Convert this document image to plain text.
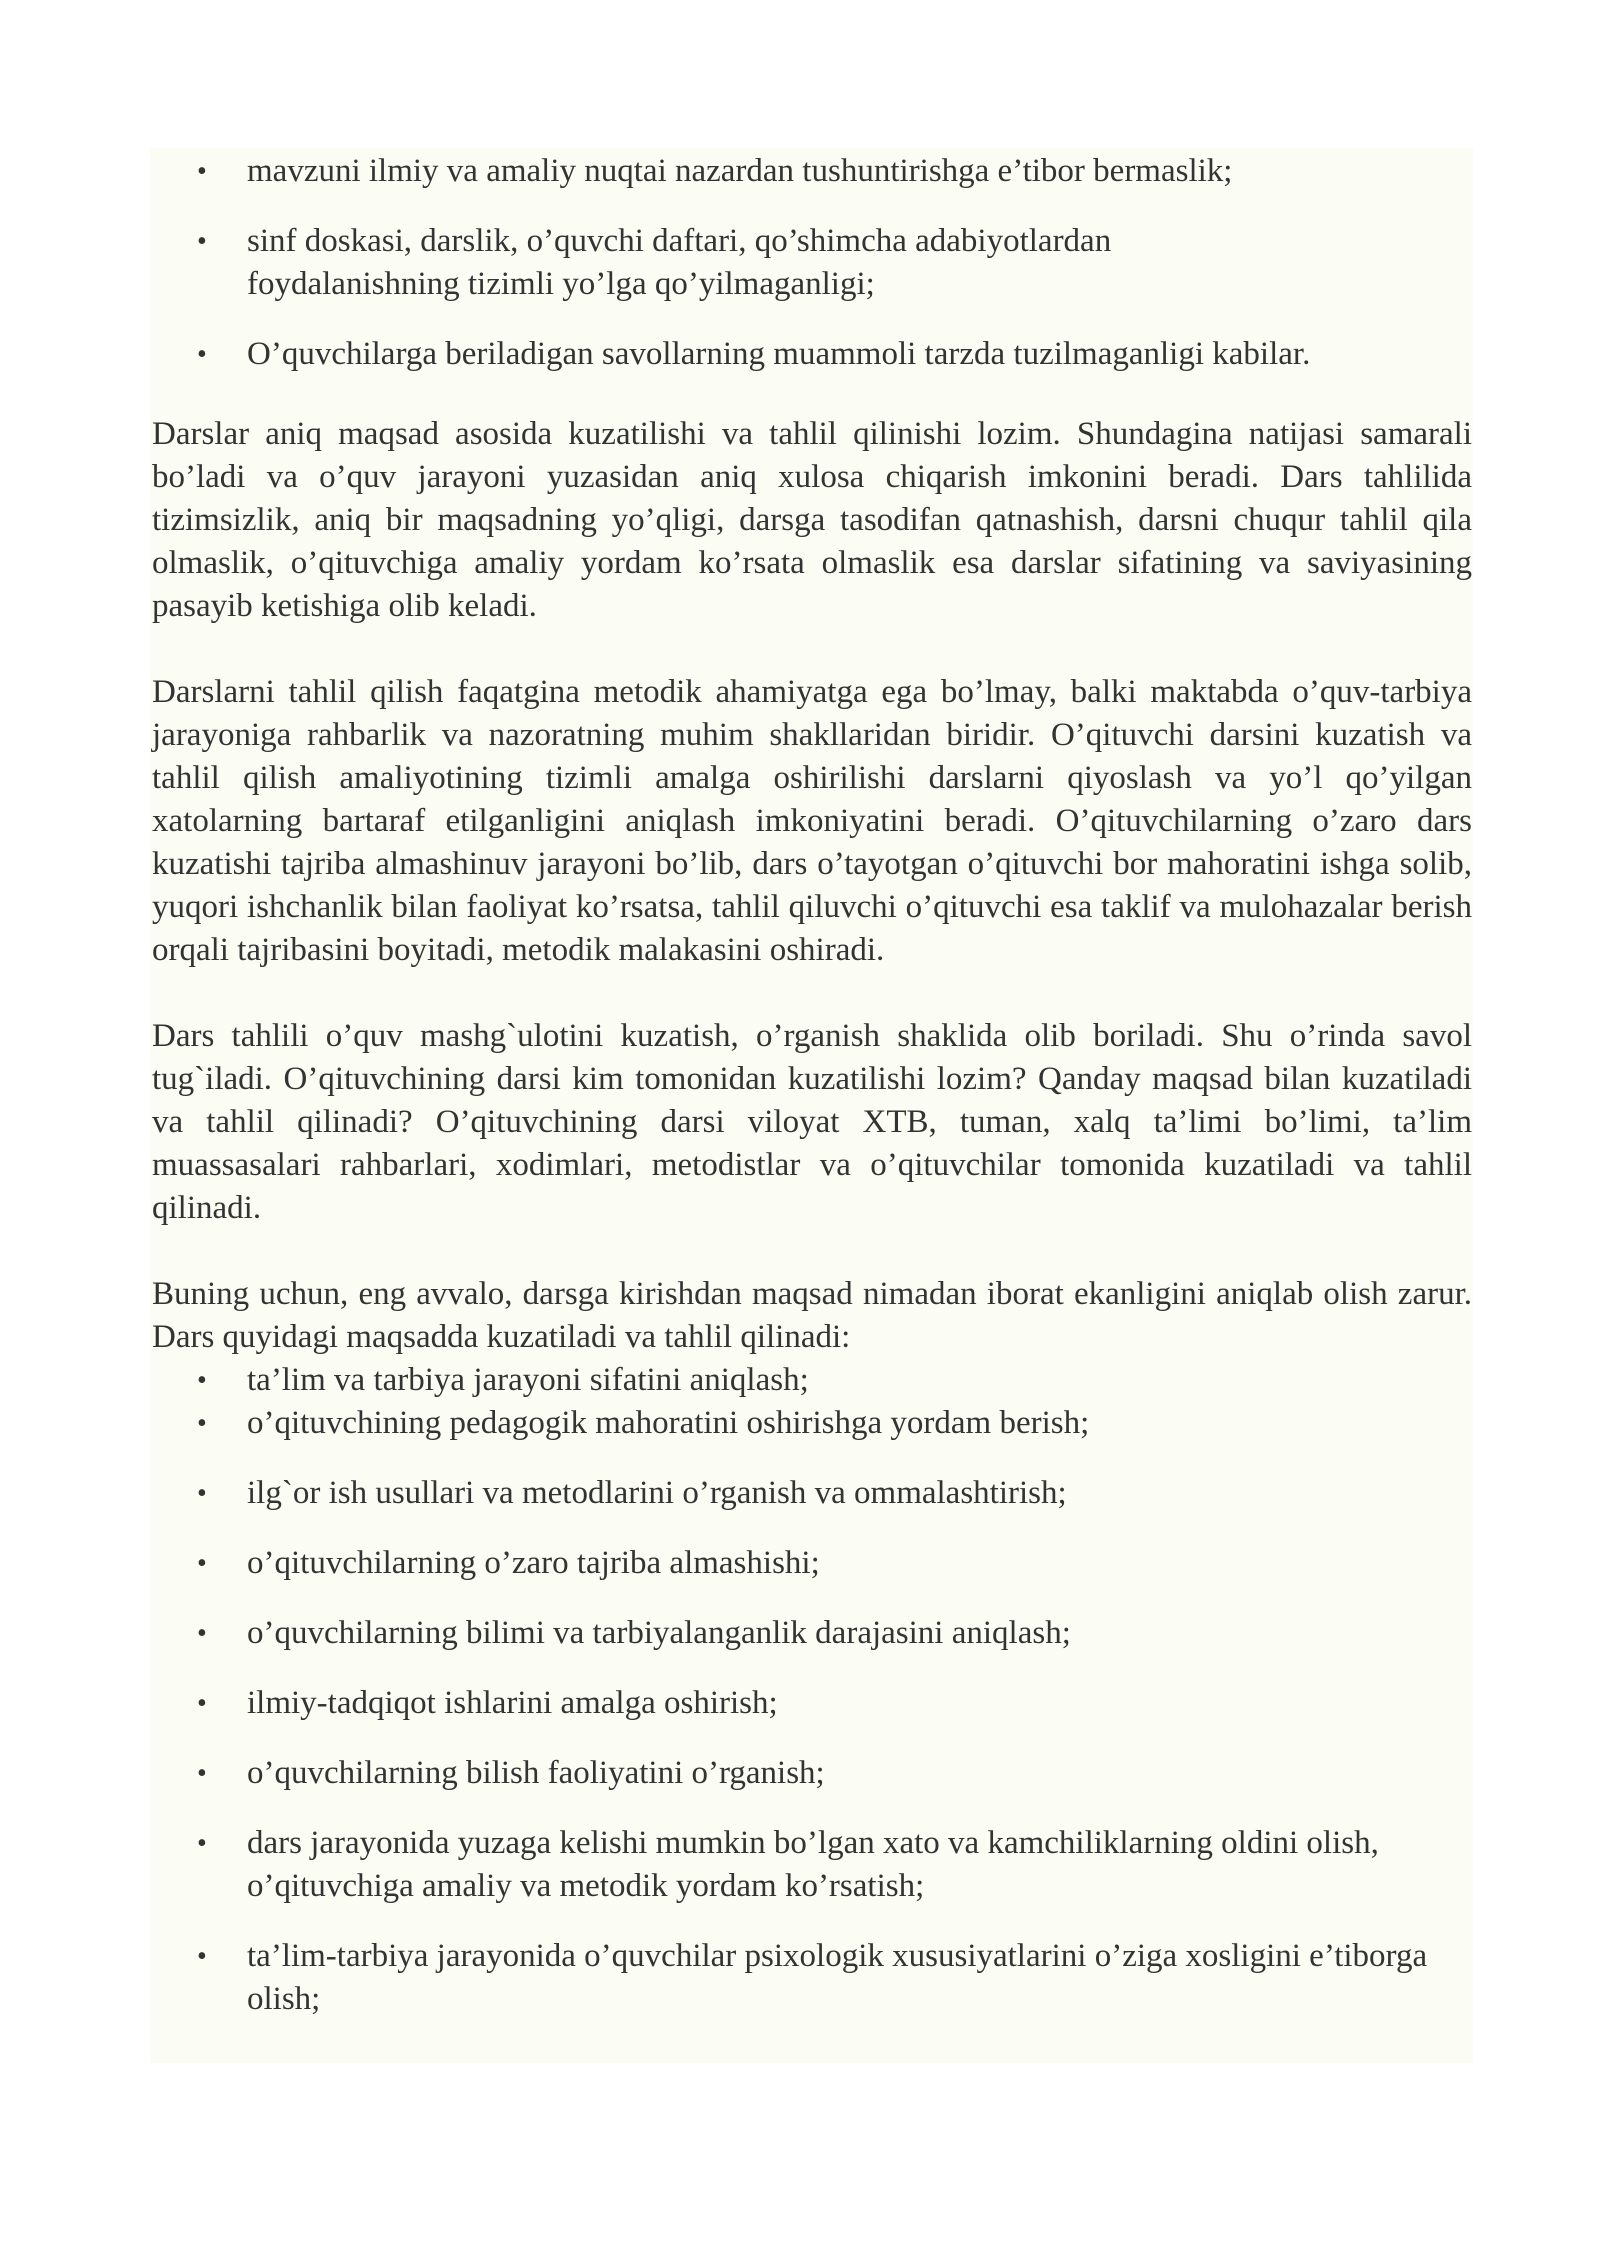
• mavzuni ilmiy va amaliy nuqtai nazardan tushuntirishga e’tibor bermaslik;
• sinf doskasi, darslik, o’quvchi daftari, qo’shimcha adabiyotlardan foydalanishning tizimli yo’lga qo’yilmaganligi;
• O’quvchilarga beriladigan savollarning muammoli tarzda tuzilmaganligi kabilar.

Darslar aniq maqsad asosida kuzatilishi va tahlil qilinishi lozim. Shundagina natijasi samarali bo’ladi va o’quv jarayoni yuzasidan aniq xulosa chiqarish imkonini beradi. Dars tahlilida tizimsizlik, aniq bir maqsadning yo’qligi, darsga tasodifan qatnashish, darsni chuqur tahlil qila olmaslik, o’qituvchiga amaliy yordam ko’rsata olmaslik esa darslar sifatining va saviyasining pasayib ketishiga olib keladi.

Darslarni tahlil qilish faqatgina metodik ahamiyatga ega bo’lmay, balki maktabda o’quv-tarbiya jarayoniga rahbarlik va nazoratning muhim shakllaridan biridir. O’qituvchi darsini kuzatish va tahlil qilish amaliyotining tizimli amalga oshirilishi darslarni qiyoslash va yo’l qo’yilgan xatolarning bartaraf etilganligini aniqlash imkoniyatini beradi. O’qituvchilarning o’zaro dars kuzatishi tajriba almashinuv jarayoni bo’lib, dars o’tayotgan o’qituvchi bor mahoratini ishga solib, yuqori ishchanlik bilan faoliyat ko’rsatsa, tahlil qiluvchi o’qituvchi esa taklif va mulohazalar berish orqali tajribasini boyitadi, metodik malakasini oshiradi.

Dars tahlili o’quv mashg`ulotini kuzatish, o’rganish shaklida olib boriladi. Shu o’rinda savol tug`iladi. O’qituvchining darsi kim tomonidan kuzatilishi lozim? Qanday maqsad bilan kuzatiladi va tahlil qilinadi? O’qituvchining darsi viloyat XTB, tuman, xalq ta’limi bo’limi, ta’lim muassasalari rahbarlari, xodimlari, metodistlar va o’qituvchilar tomonida kuzatiladi va tahlil qilinadi.

Buning uchun, eng avvalo, darsga kirishdan maqsad nimadan iborat ekanligini aniqlab olish zarur. Dars quyidagi maqsadda kuzatiladi va tahlil qilinadi:

• ta’lim va tarbiya jarayoni sifatini aniqlash;
• o’qituvchining pedagogik mahoratini oshirishga yordam berish;
• ilg`or ish usullari va metodlarini o’rganish va ommalashtirish;
• o’qituvchilarning o’zaro tajriba almashishi;
• o’quvchilarning bilimi va tarbiyalanganlik darajasini aniqlash;
• ilmiy-tadqiqot ishlarini amalga oshirish;
• o’quvchilarning bilish faoliyatini o’rganish;
• dars jarayonida yuzaga kelishi mumkin bo’lgan xato va kamchiliklarning oldini olish, o’qituvchiga amaliy va metodik yordam ko’rsatish;
• ta’lim-tarbiya jarayonida o’quvchilar psixologik xususiyatlarini o’ziga xosligini e’tiborga olish;
